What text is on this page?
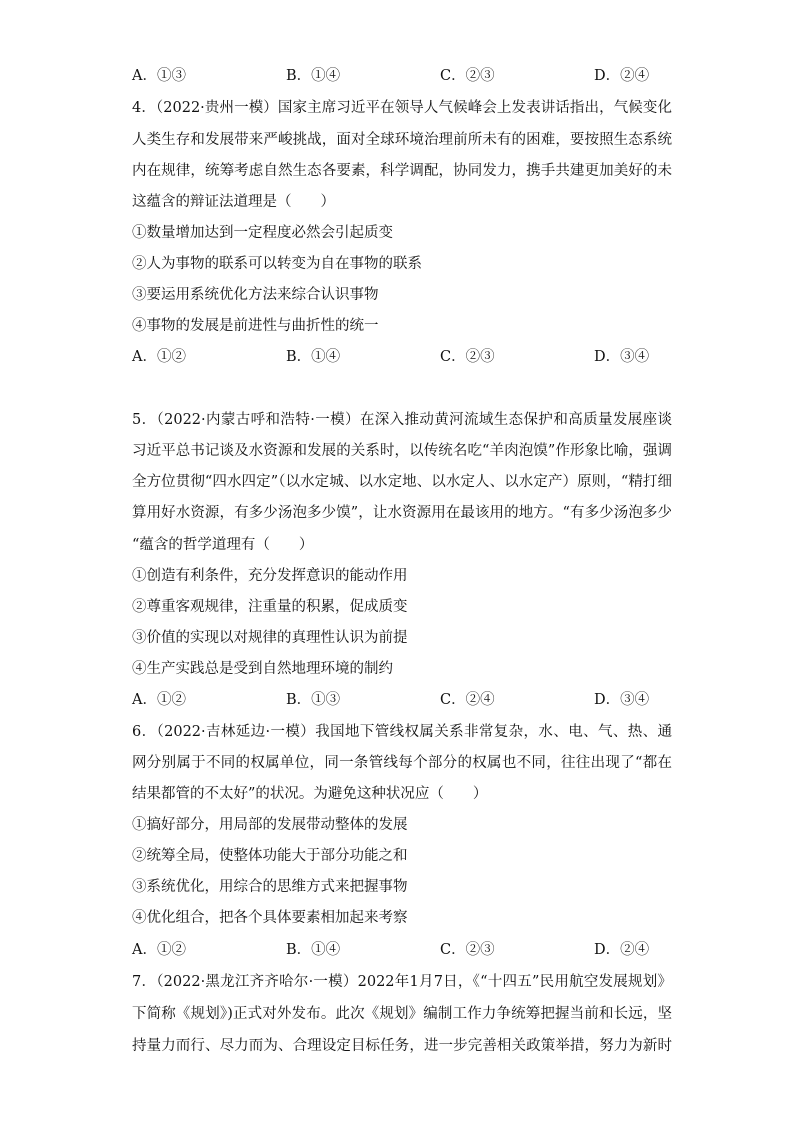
A．①③	B．①④	C．②③	D．②④
4．（2022·贵州一模）国家主席习近平在领导人气候峰会上发表讲话指出，气候变化
人类生存和发展带来严峻挑战，面对全球环境治理前所未有的困难，要按照生态系统
内在规律，统筹考虑自然生态各要素，科学调配，协同发力，携手共建更加美好的未
这蕴含的辩证法道理是（　　）
①数量增加达到一定程度必然会引起质变
②人为事物的联系可以转变为自在事物的联系
③要运用系统优化方法来综合认识事物
④事物的发展是前进性与曲折性的统一
A．①②	B．①④	C．②③	D．③④
5．（2022·内蒙古呼和浩特·一模）在深入推动黄河流域生态保护和高质量发展座谈
习近平总书记谈及水资源和发展的关系时，以传统名吃“羊肉泡馍”作形象比喻，强调
全方位贯彻“四水四定”（以水定城、以水定地、以水定人、以水定产）原则，“精打细
算用好水资源，有多少汤泡多少馍”，让水资源用在最该用的地方。“有多少汤泡多少
“蕴含的哲学道理有（　　）
①创造有利条件，充分发挥意识的能动作用
②尊重客观规律，注重量的积累，促成质变
③价值的实现以对规律的真理性认识为前提
④生产实践总是受到自然地理环境的制约
A．①②	B．①③	C．②④	D．③④
6．（2022·吉林延边·一模）我国地下管线权属关系非常复杂，水、电、气、热、通
网分别属于不同的权属单位，同一条管线每个部分的权属也不同，往往出现了“都在
结果都管的不太好”的状况。为避免这种状况应（　　）
①搞好部分，用局部的发展带动整体的发展
②统筹全局，使整体功能大于部分功能之和
③系统优化，用综合的思维方式来把握事物
④优化组合，把各个具体要素相加起来考察
A．①②	B．①④	C．②③	D．②④
7．（2022·黑龙江齐齐哈尔·一模）2022年1月7日，《“十四五”民用航空发展规划》
下简称《规划》)正式对外发布。此次《规划》编制工作力争统筹把握当前和长远，坚
持量力而行、尽力而为、合理设定目标任务，进一步完善相关政策举措，努力为新时
